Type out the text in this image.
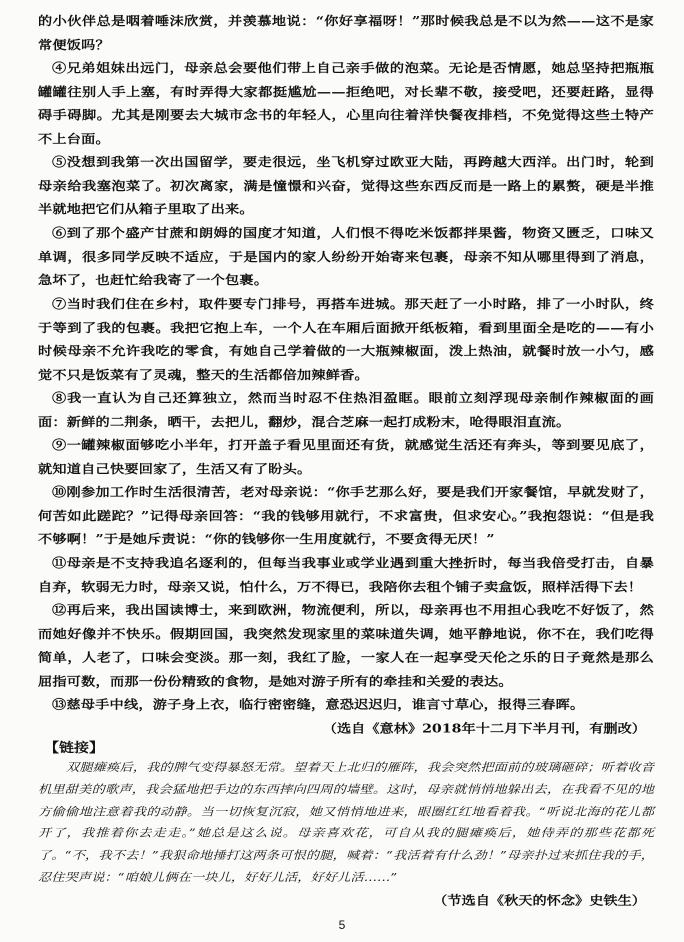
的小伙伴总是咽着唾沫欣赏，并羡慕地说：“你好享福呀！”那时候我总是不以为然——这不是家常便饭吗？
④兄弟姐妹出远门，母亲总会要他们带上自己亲手做的泡菜。无论是否情愿，她总坚持把瓶瓶罐罐往别人手上塞，有时弄得大家都挺尴尬——拒绝吧，对长辈不敬，接受吧，还要赶路，显得碍手碍脚。尤其是刚要去大城市念书的年轻人，心里向往着洋快餐夜排档，不免觉得这些土特产不上台面。
⑤没想到我第一次出国留学，要走很远，坐飞机穿过欧亚大陆，再跨越大西洋。出门时，轮到母亲给我塞泡菜了。初次离家，满是憧憬和兴奋，觉得这些东西反而是一路上的累赘，硬是半推半就地把它们从箱子里取了出来。
⑥到了那个盛产甘蔗和朗姆的国度才知道，人们恨不得吃米饭都拌果酱，物资又匮乏，口味又单调，很多同学反映不适应，于是国内的家人纷纷开始寄来包裹，母亲不知从哪里得到了消息，急坏了，也赶忙给我寄了一个包裹。
⑦当时我们住在乡村，取件要专门排号，再搭车进城。那天赶了一小时路，排了一小时队，终于等到了我的包裹。我把它抱上车，一个人在车厢后面掀开纸板箱，看到里面全是吃的——有小时候母亲不允许我吃的零食，有她自己学着做的一大瓶辣椒面，泼上热油，就餐时放一小勺，感觉不只是饭菜有了灵魂，整天的生活都倍加辣鲜香。
⑧我一直认为自己还算独立，然而当时忍不住热泪盈眶。眼前立刻浮现母亲制作辣椒面的画面：新鲜的二荆条，晒干，去把儿，翻炒，混合芝麻一起打成粉末，呛得眼泪直流。
⑨一罐辣椒面够吃小半年，打开盖子看见里面还有货，就感觉生活还有奔头，等到要见底了，就知道自己快要回家了，生活又有了盼头。
⑩刚参加工作时生活很清苦，老对母亲说：“你手艺那么好，要是我们开家餐馆，早就发财了，何苦如此蹉跎？”记得母亲回答：“我的钱够用就行，不求富贵，但求安心。”我抱怨说：“但是我不够啊！”于是她斥责说：“你的钱够你一生用度就行，不要贪得无厌！”
⑪母亲是不支持我追名逐利的，但每当我事业或学业遇到重大挫折时，每当我倍受打击，自暴自弃，软弱无力时，母亲又说，怕什么，万不得已，我陪你去租个铺子卖盒饭，照样活得下去！
⑫再后来，我出国读博士，来到欧洲，物流便利，所以，母亲再也不用担心我吃不好饭了，然而她好像并不快乐。假期回国，我突然发现家里的菜味道失调，她平静地说，你不在，我们吃得简单，人老了，口味会变淡。那一刻，我红了脸，一家人在一起享受天伦之乐的日子竟然是那么屈指可数，而那一份份精致的食物，是她对游子所有的牵挂和关爱的表达。
⑬慈母手中线，游子身上衣，临行密密缝，意恐迟迟归，谁言寸草心，报得三春晖。
（选自《意林》2018年十二月下半月刊，有删改）
【链接】
双腿瘫痪后，我的脾气变得暴怒无常。望着天上北归的雁阵，我会突然把面前的玻璃砸碎；听着收音机里甜美的歌声，我会猛地把手边的东西摔向四周的墙壁。这时，母亲就悄悄地躲出去，在我看不见的地方偷偷地注意着我的动静。当一切恢复沉寂，她又悄悄地进来，眼圈红红地看着我。“听说北海的花儿都开了，我推着你去走走。”她总是这么说。母亲喜欢花，可自从我的腿瘫痪后，她侍弄的那些花都死了。“不，我不去！”我狠命地捶打这两条可恨的腿，喊着：“我活着有什么劲！”母亲扑过来抓住我的手，忍住哭声说：“咱娘儿俩在一块儿，好好儿活，好好儿活……”
（节选自《秋天的怀念》史铁生）
5
